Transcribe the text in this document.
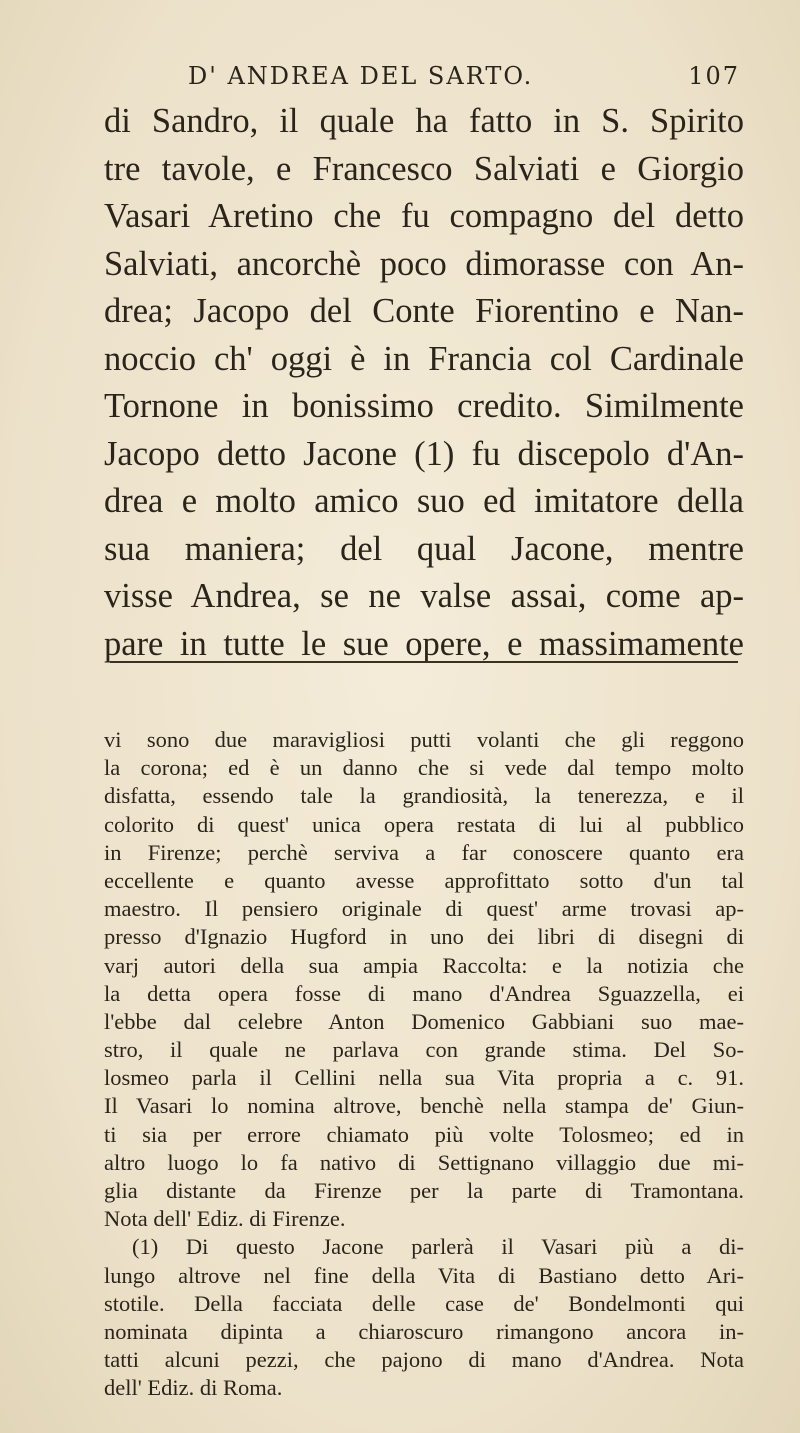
D' ANDREA DEL SARTO.	107
di Sandro, il quale ha fatto in S. Spirito
tre tavole, e Francesco Salviati e Giorgio
Vasari Aretino che fu compagno del detto
Salviati, ancorchè poco dimorasse con An-
drea; Jacopo del Conte Fiorentino e Nan-
noccio ch' oggi è in Francia col Cardinale
Tornone in bonissimo credito. Similmente
Jacopo detto Jacone (1) fu discepolo d'An-
drea e molto amico suo ed imitatore della
sua maniera; del qual Jacone, mentre
visse Andrea, se ne valse assai, come ap-
pare in tutte le sue opere, e massimamente
vi sono due maravigliosi putti volanti che gli reggono
la corona; ed è un danno che si vede dal tempo molto
disfatta, essendo tale la grandiosità, la tenerezza, e il
colorito di quest' unica opera restata di lui al pubblico
in Firenze; perchè serviva a far conoscere quanto era
eccellente e quanto avesse approfittato sotto d'un tal
maestro. Il pensiero originale di quest' arme trovasi ap-
presso d'Ignazio Hugford in uno dei libri di disegni di
varj autori della sua ampia Raccolta: e la notizia che
la detta opera fosse di mano d'Andrea Sguazzella, ei
l'ebbe dal celebre Anton Domenico Gabbiani suo mae-
stro, il quale ne parlava con grande stima. Del So-
losmeo parla il Cellini nella sua Vita propria a c. 91.
Il Vasari lo nomina altrove, benchè nella stampa de' Giun-
ti sia per errore chiamato più volte Tolosmeo; ed in
altro luogo lo fa nativo di Settignano villaggio due mi-
glia distante da Firenze per la parte di Tramontana.
Nota dell' Ediz. di Firenze.
(1) Di questo Jacone parlerà il Vasari più a di-
lungo altrove nel fine della Vita di Bastiano detto Ari-
stotile. Della facciata delle case de' Bondelmonti qui
nominata dipinta a chiaroscuro rimangono ancora in-
tatti alcuni pezzi, che pajono di mano d'Andrea. Nota
dell' Ediz. di Roma.
